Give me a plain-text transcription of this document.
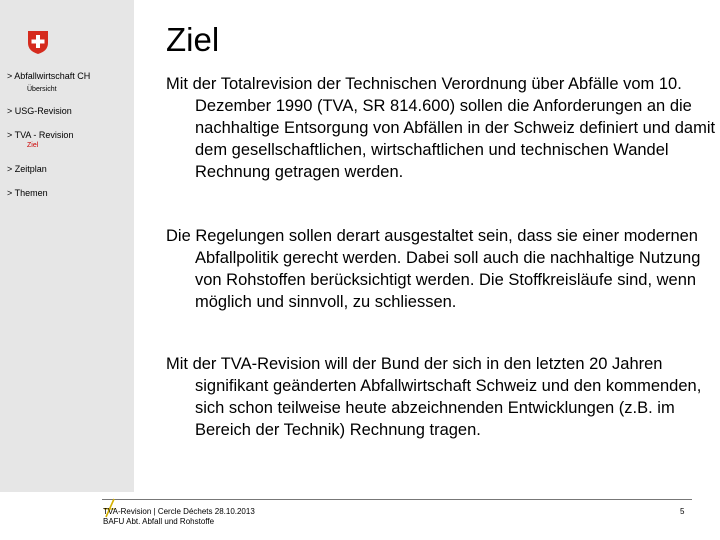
> Abfallwirtschaft CH
Übersicht
> USG-Revision
> TVA - Revision
Ziel
> Zeitplan
> Themen
Ziel

Mit der Totalrevision der Technischen Verordnung über Abfälle vom 10. Dezember 1990 (TVA, SR 814.600) sollen die Anforderungen an die nachhaltige Entsorgung von Abfällen in der Schweiz definiert und damit dem gesellschaftlichen, wirtschaftlichen und technischen Wandel Rechnung getragen werden.

Die Regelungen sollen derart ausgestaltet sein, dass sie einer modernen Abfallpolitik gerecht werden. Dabei soll auch die nachhaltige Nutzung von Rohstoffen berücksichtigt werden. Die Stoffkreisläufe sind, wenn möglich und sinnvoll, zu schliessen.

Mit der TVA-Revision will der Bund der sich in den letzten 20 Jahren signifikant geänderten Abfallwirtschaft Schweiz und den kommenden, sich schon teilweise heute abzeichnenden Entwicklungen (z.B. im Bereich der Technik) Rechnung tragen.

TVA-Revision | Cercle Déchets 28.10.2013
BAFU Abt. Abfall und Rohstoffe
5
